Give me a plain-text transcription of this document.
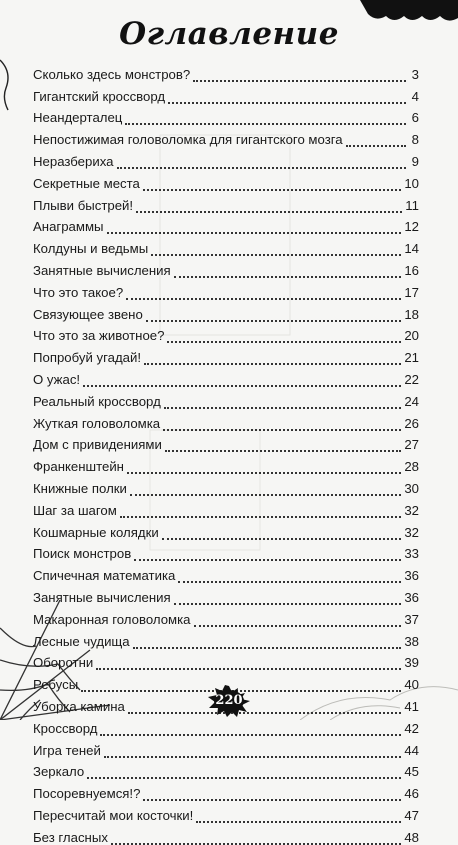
Оглавление
Сколько здесь монстров?	3
Гигантский кроссворд	4
Неандерталец	6
Непостижимая головоломка для гигантского мозга	8
Неразбериха	9
Секретные места	10
Плыви быстрей!	11
Анаграммы	12
Колдуны и ведьмы	14
Занятные вычисления	16
Что это такое?	17
Связующее звено	18
Что это за животное?	20
Попробуй угадай!	21
О ужас!	22
Реальный кроссворд	24
Жуткая головоломка	26
Дом с привидениями	27
Франкенштейн	28
Книжные полки	30
Шаг за шагом	32
Кошмарные колядки	32
Поиск монстров	33
Спичечная математика	36
Занятные вычисления	36
Макаронная головоломка	37
Лесные чудища	38
Оборотни	39
Ребусы	40
Уборка камина	41
Кроссворд	42
Игра теней	44
Зеркало	45
Посоревнуемся!?	46
Пересчитай мои косточки!	47
Без гласных	48
220
